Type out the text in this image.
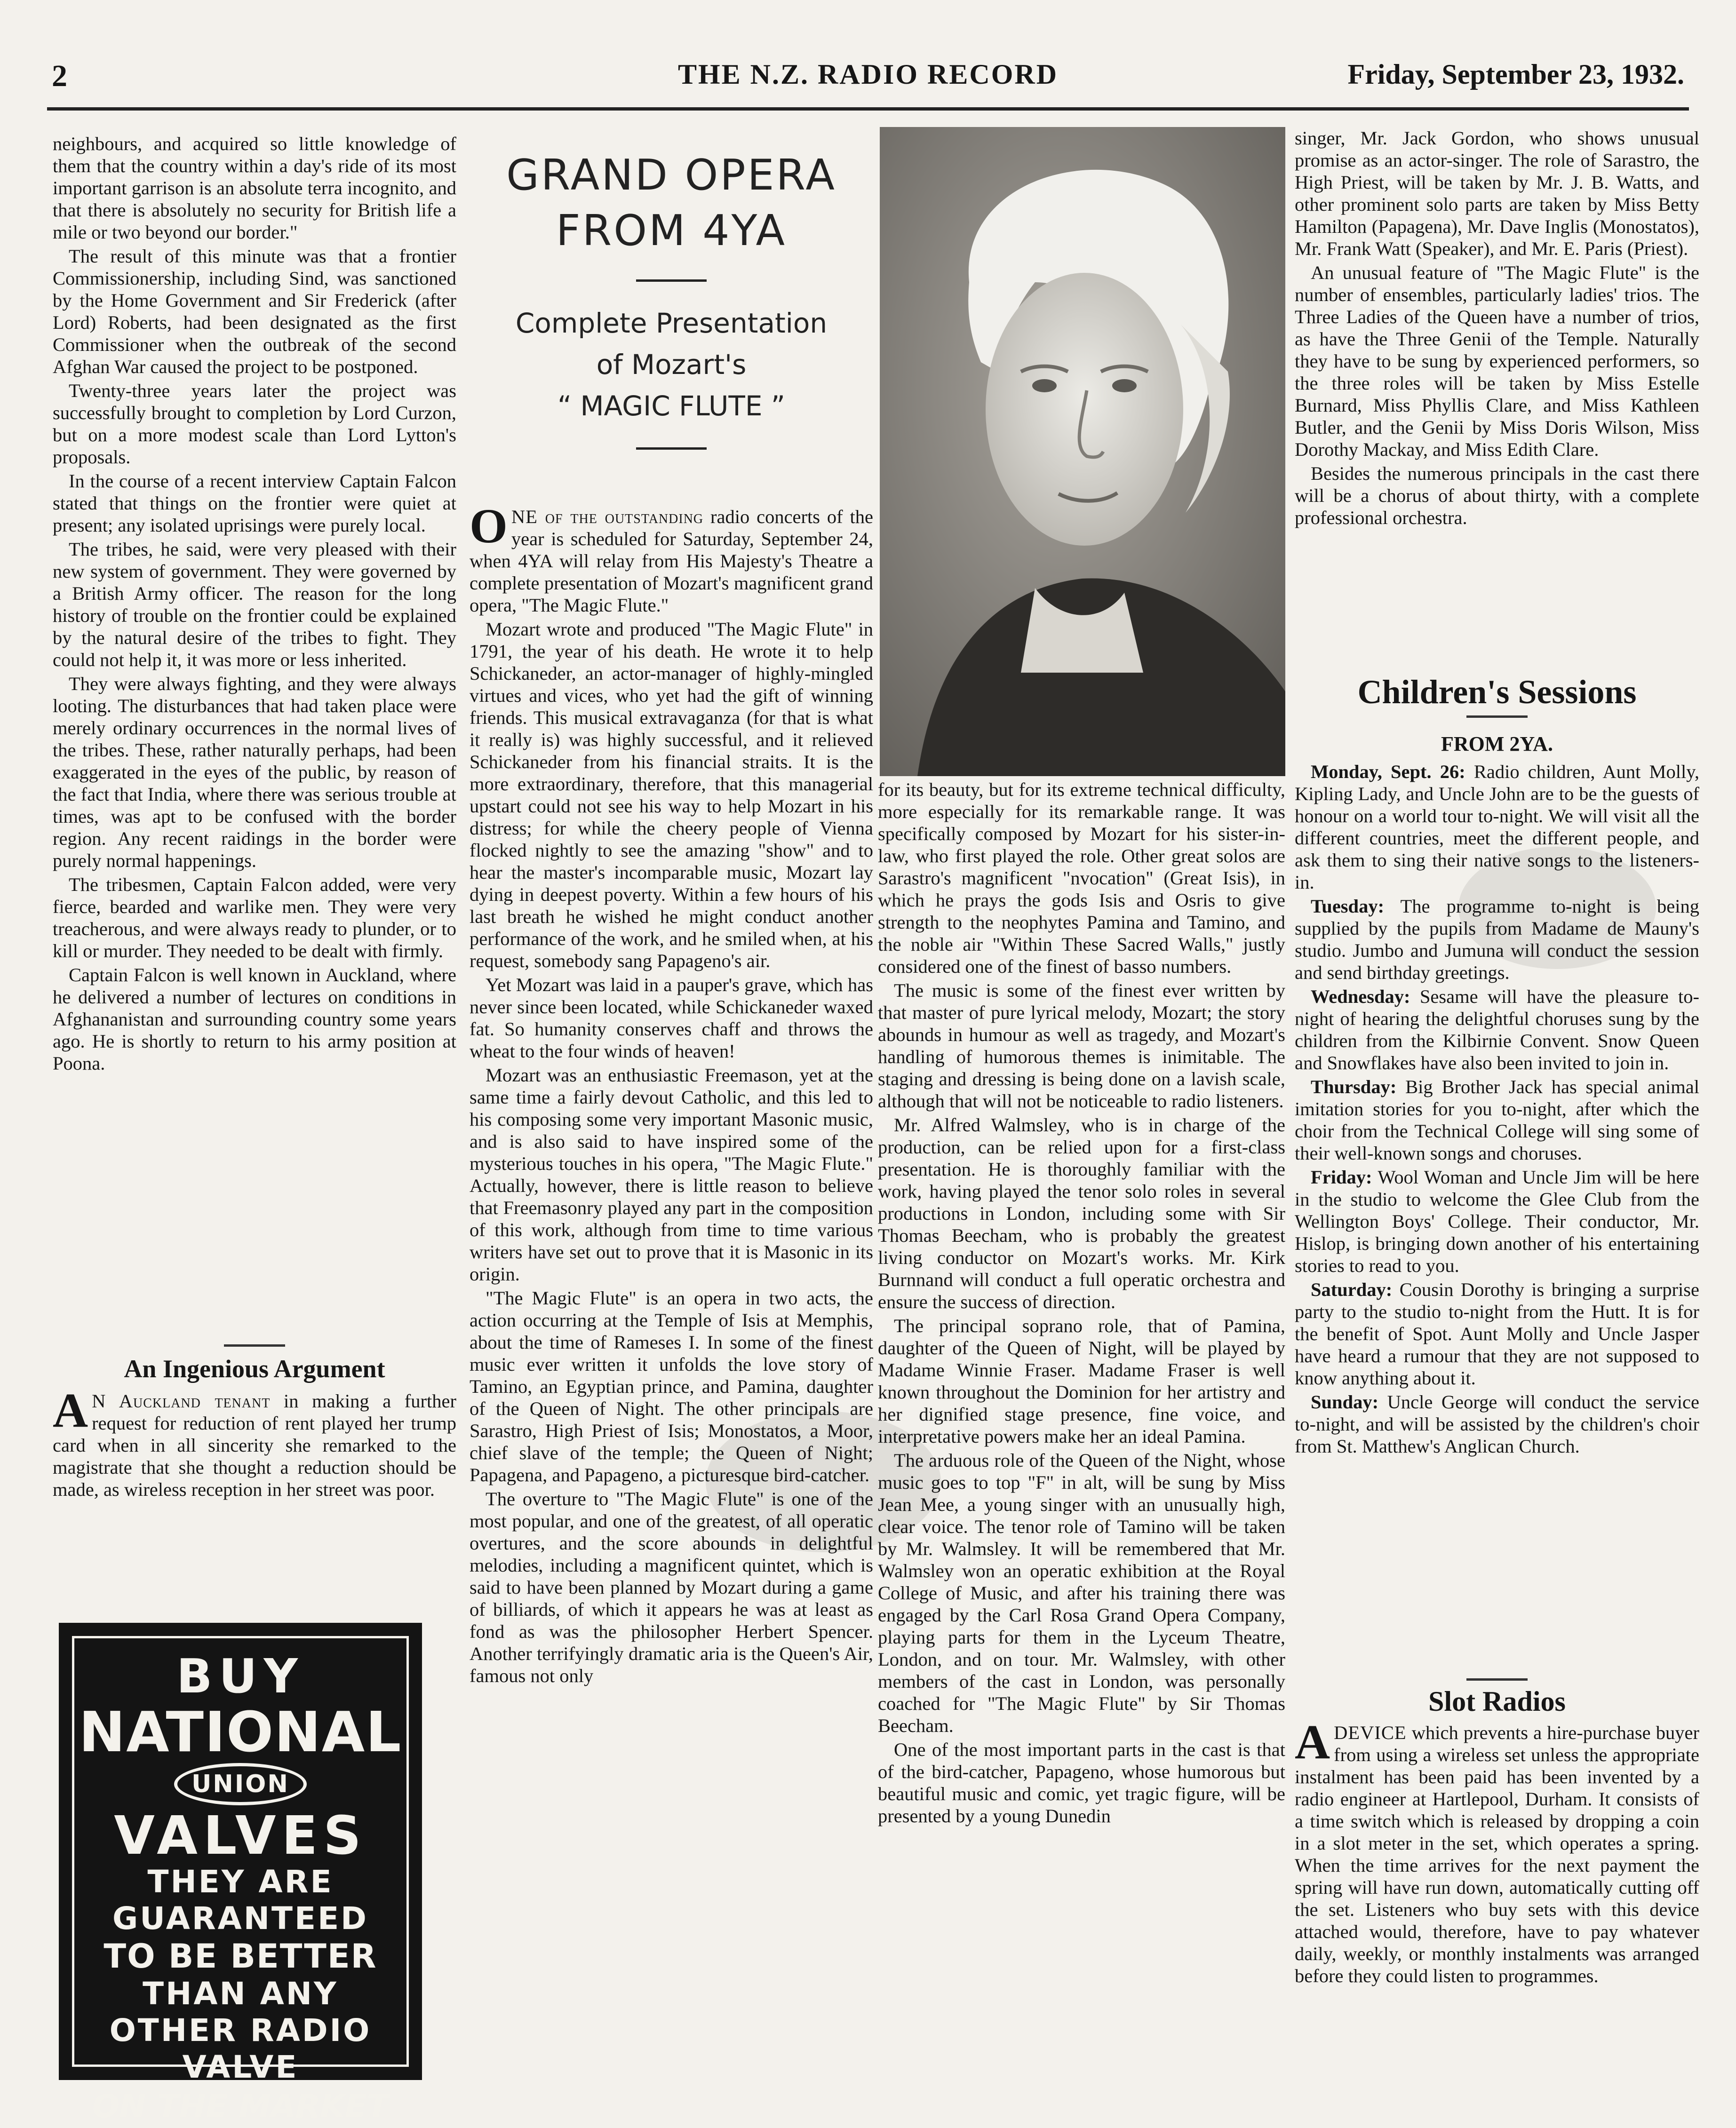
2	THE N.Z. RADIO RECORD	Friday, September 23, 1932.

neighbours, and acquired so little knowledge of them that the country within a day's ride of its most important garrison is an absolute terra incognito, and that there is absolutely no security for British life a mile or two beyond our border."

The result of this minute was that a frontier Commissionership, including Sind, was sanctioned by the Home Government and Sir Frederick (after Lord) Roberts, had been designated as the first Commissioner when the outbreak of the second Afghan War caused the project to be postponed.

Twenty-three years later the project was successfully brought to completion by Lord Curzon, but on a more modest scale than Lord Lytton's proposals.

In the course of a recent interview Captain Falcon stated that things on the frontier were quiet at present; any isolated uprisings were purely local.

The tribes, he said, were very pleased with their new system of government. They were governed by a British Army officer. The reason for the long history of trouble on the frontier could be explained by the natural desire of the tribes to fight. They could not help it, it was more or less inherited.

They were always fighting, and they were always looting. The disturbances that had taken place were merely ordinary occurrences in the normal lives of the tribes. These, rather naturally perhaps, had been exaggerated in the eyes of the public, by reason of the fact that India, where there was serious trouble at times, was apt to be confused with the border region. Any recent raidings in the border were purely normal happenings.

The tribesmen, Captain Falcon added, were very fierce, bearded and warlike men. They were very treacherous, and were always ready to plunder, or to kill or murder. They needed to be dealt with firmly.

Captain Falcon is well known in Auckland, where he delivered a number of lectures on conditions in Afghananistan and surrounding country some years ago. He is shortly to return to his army position at Poona.

An Ingenious Argument

A N Auckland tenant in making a further request for reduction of rent played her trump card when in all sincerity she remarked to the magistrate that she thought a reduction should be made, as wireless reception in her street was poor.

BUY
NATIONAL
UNION
VALVES
THEY ARE GUARANTEED
TO BE BETTER
THAN ANY OTHER RADIO VALVE
ON THE MARKET
GRAND OPERA
FROM 4YA
Complete Presentation
of Mozart's
“ MAGIC FLUTE ”

ONE of the outstanding radio concerts of the year is scheduled for Saturday, September 24, when 4YA will relay from His Majesty's Theatre a complete presentation of Mozart's magnificent grand opera, "The Magic Flute."

Mozart wrote and produced "The Magic Flute" in 1791, the year of his death. He wrote it to help Schickaneder, an actor-manager of highly-mingled virtues and vices, who yet had the gift of winning friends. This musical extravaganza (for that is what it really is) was highly successful, and it relieved Schickaneder from his financial straits. It is the more extraordinary, therefore, that this managerial upstart could not see his way to help Mozart in his distress; for while the cheery people of Vienna flocked nightly to see the amazing "show" and to hear the master's incomparable music, Mozart lay dying in deepest poverty. Within a few hours of his last breath he wished he might conduct another performance of the work, and he smiled when, at his request, somebody sang Papageno's air.

Yet Mozart was laid in a pauper's grave, which has never since been located, while Schickaneder waxed fat. So humanity conserves chaff and throws the wheat to the four winds of heaven!

Mozart was an enthusiastic Freemason, yet at the same time a fairly devout Catholic, and this led to his composing some very important Masonic music, and is also said to have inspired some of the mysterious touches in his opera, "The Magic Flute." Actually, however, there is little reason to believe that Freemasonry played any part in the composition of this work, although from time to time various writers have set out to prove that it is Masonic in its origin.

"The Magic Flute" is an opera in two acts, the action occurring at the Temple of Isis at Memphis, about the time of Rameses I. In some of the finest music ever written it unfolds the love story of Tamino, an Egyptian prince, and Pamina, daughter of the Queen of Night. The other principals are Sarastro, High Priest of Isis; Monostatos, a Moor, chief slave of the temple; the Queen of Night; Papagena, and Papageno, a picturesque bird-catcher.

The overture to "The Magic Flute" is one of the most popular, and one of the greatest, of all operatic overtures, and the score abounds in delightful melodies, including a magnificent quintet, which is said to have been planned by Mozart during a game of billiards, of which it appears he was at least as fond as was the philosopher Herbert Spencer. Another terrifyingly dramatic aria is the Queen's Air, famous not only

for its beauty, but for its extreme technical difficulty, more especially for its remarkable range. It was specifically composed by Mozart for his sister-in-law, who first played the role. Other great solos are Sarastro's magnificent "nvocation" (Great Isis), in which he prays the gods Isis and Osris to give strength to the neophytes Pamina and Tamino, and the noble air "Within These Sacred Walls," justly considered one of the finest of basso numbers.

The music is some of the finest ever written by that master of pure lyrical melody, Mozart; the story abounds in humour as well as tragedy, and Mozart's handling of humorous themes is inimitable. The staging and dressing is being done on a lavish scale, although that will not be noticeable to radio listeners.

Mr. Alfred Walmsley, who is in charge of the production, can be relied upon for a first-class presentation. He is thoroughly familiar with the work, having played the tenor solo roles in several productions in London, including some with Sir Thomas Beecham, who is probably the greatest living conductor on Mozart's works. Mr. Kirk Burnnand will conduct a full operatic orchestra and ensure the success of direction.

The principal soprano role, that of Pamina, daughter of the Queen of Night, will be played by Madame Winnie Fraser. Madame Fraser is well known throughout the Dominion for her artistry and her dignified stage presence, fine voice, and interpretative powers make her an ideal Pamina.

The arduous role of the Queen of the Night, whose music goes to top "F" in alt, will be sung by Miss Jean Mee, a young singer with an unusually high, clear voice. The tenor role of Tamino will be taken by Mr. Walmsley. It will be remembered that Mr. Walmsley won an operatic exhibition at the Royal College of Music, and after his training there was engaged by the Carl Rosa Grand Opera Company, playing parts for them in the Lyceum Theatre, London, and on tour. Mr. Walmsley, with other members of the cast in London, was personally coached for "The Magic Flute" by Sir Thomas Beecham.

One of the most important parts in the cast is that of the bird-catcher, Papageno, whose humorous but beautiful music and comic, yet tragic figure, will be presented by a young Dunedin

singer, Mr. Jack Gordon, who shows unusual promise as an actor-singer. The role of Sarastro, the High Priest, will be taken by Mr. J. B. Watts, and other prominent solo parts are taken by Miss Betty Hamilton (Papagena), Mr. Dave Inglis (Monostatos), Mr. Frank Watt (Speaker), and Mr. E. Paris (Priest).

An unusual feature of "The Magic Flute" is the number of ensembles, particularly ladies' trios. The Three Ladies of the Queen have a number of trios, as have the Three Genii of the Temple. Naturally they have to be sung by experienced performers, so the three roles will be taken by Miss Estelle Burnard, Miss Phyllis Clare, and Miss Kathleen Butler, and the Genii by Miss Doris Wilson, Miss Dorothy Mackay, and Miss Edith Clare.

Besides the numerous principals in the cast there will be a chorus of about thirty, with a complete professional orchestra.

Children's Sessions
FROM 2YA.

Monday, Sept. 26: Radio children, Aunt Molly, Kipling Lady, and Uncle John are to be the guests of honour on a world tour to-night. We will visit all the different countries, meet the different people, and ask them to sing their native songs to the listeners-in.

Tuesday: The programme to-night is being supplied by the pupils from Madame de Mauny's studio. Jumbo and Jumuna will conduct the session and send birthday greetings.

Wednesday: Sesame will have the pleasure to-night of hearing the delightful choruses sung by the children from the Kilbirnie Convent. Snow Queen and Snowflakes have also been invited to join in.

Thursday: Big Brother Jack has special animal imitation stories for you to-night, after which the choir from the Technical College will sing some of their well-known songs and choruses.

Friday: Wool Woman and Uncle Jim will be here in the studio to welcome the Glee Club from the Wellington Boys' College. Their conductor, Mr. Hislop, is bringing down another of his entertaining stories to read to you.

Saturday: Cousin Dorothy is bringing a surprise party to the studio to-night from the Hutt. It is for the benefit of Spot. Aunt Molly and Uncle Jasper have heard a rumour that they are not supposed to know anything about it.

Sunday: Uncle George will conduct the service to-night, and will be assisted by the children's choir from St. Matthew's Anglican Church.

Slot Radios

ADEVICE which prevents a hire-purchase buyer from using a wireless set unless the appropriate instalment has been paid has been invented by a radio engineer at Hartlepool, Durham. It consists of a time switch which is released by dropping a coin in a slot meter in the set, which operates a spring. When the time arrives for the next payment the spring will have run down, automatically cutting off the set. Listeners who buy sets with this device attached would, therefore, have to pay whatever daily, weekly, or monthly instalments was arranged before they could listen to programmes.
